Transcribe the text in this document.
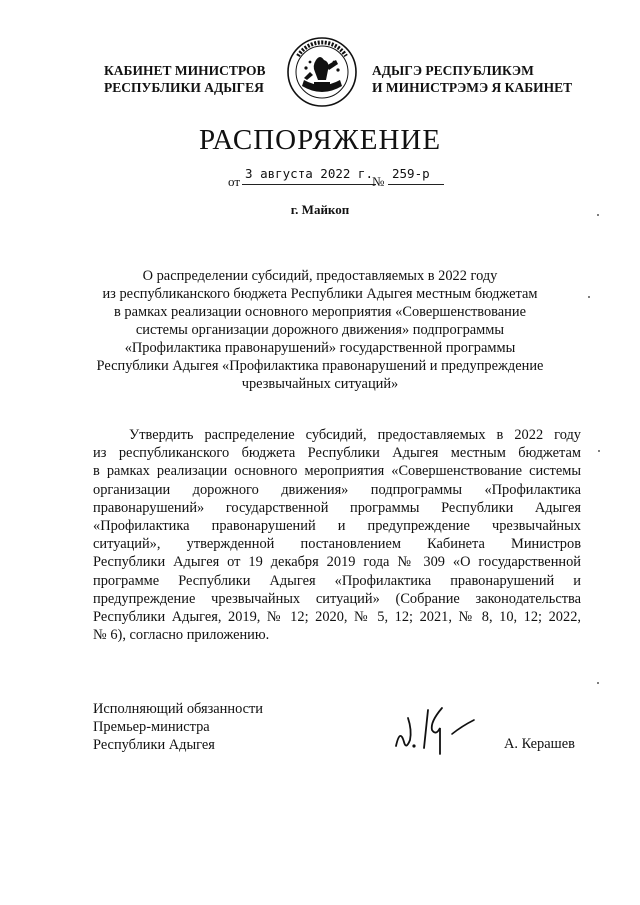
КАБИНЕТ МИНИСТРОВ
РЕСПУБЛИКИ АДЫГЕЯ
АДЫГЭ РЕСПУБЛИКЭМ
И МИНИСТРЭМЭ Я КАБИНЕТ
РАСПОРЯЖЕНИЕ
от
3 августа 2022 г.
№
259-р
г. Майкоп
О распределении субсидий, предоставляемых в 2022 году
из республиканского бюджета Республики Адыгея местным бюджетам
в рамках реализации основного мероприятия «Совершенствование
системы организации дорожного движения» подпрограммы
«Профилактика правонарушений» государственной программы
Республики Адыгея «Профилактика правонарушений и предупреждение
чрезвычайных ситуаций»
Утвердить распределение субсидий, предоставляемых в 2022 году
из республиканского бюджета Республики Адыгея местным бюджетам
в рамках реализации основного мероприятия «Совершенствование системы
организации дорожного движения» подпрограммы «Профилактика
правонарушений» государственной программы Республики Адыгея
«Профилактика правонарушений и предупреждение чрезвычайных
ситуаций», утвержденной постановлением Кабинета Министров
Республики Адыгея от 19 декабря 2019 года № 309 «О государственной
программе Республики Адыгея «Профилактика правонарушений и
предупреждение чрезвычайных ситуаций» (Собрание законодательства
Республики Адыгея, 2019, № 12; 2020, № 5, 12; 2021, № 8, 10, 12; 2022,
№ 6), согласно приложению.
Исполняющий обязанности
Премьер-министра
Республики Адыгея	А. Керашев
